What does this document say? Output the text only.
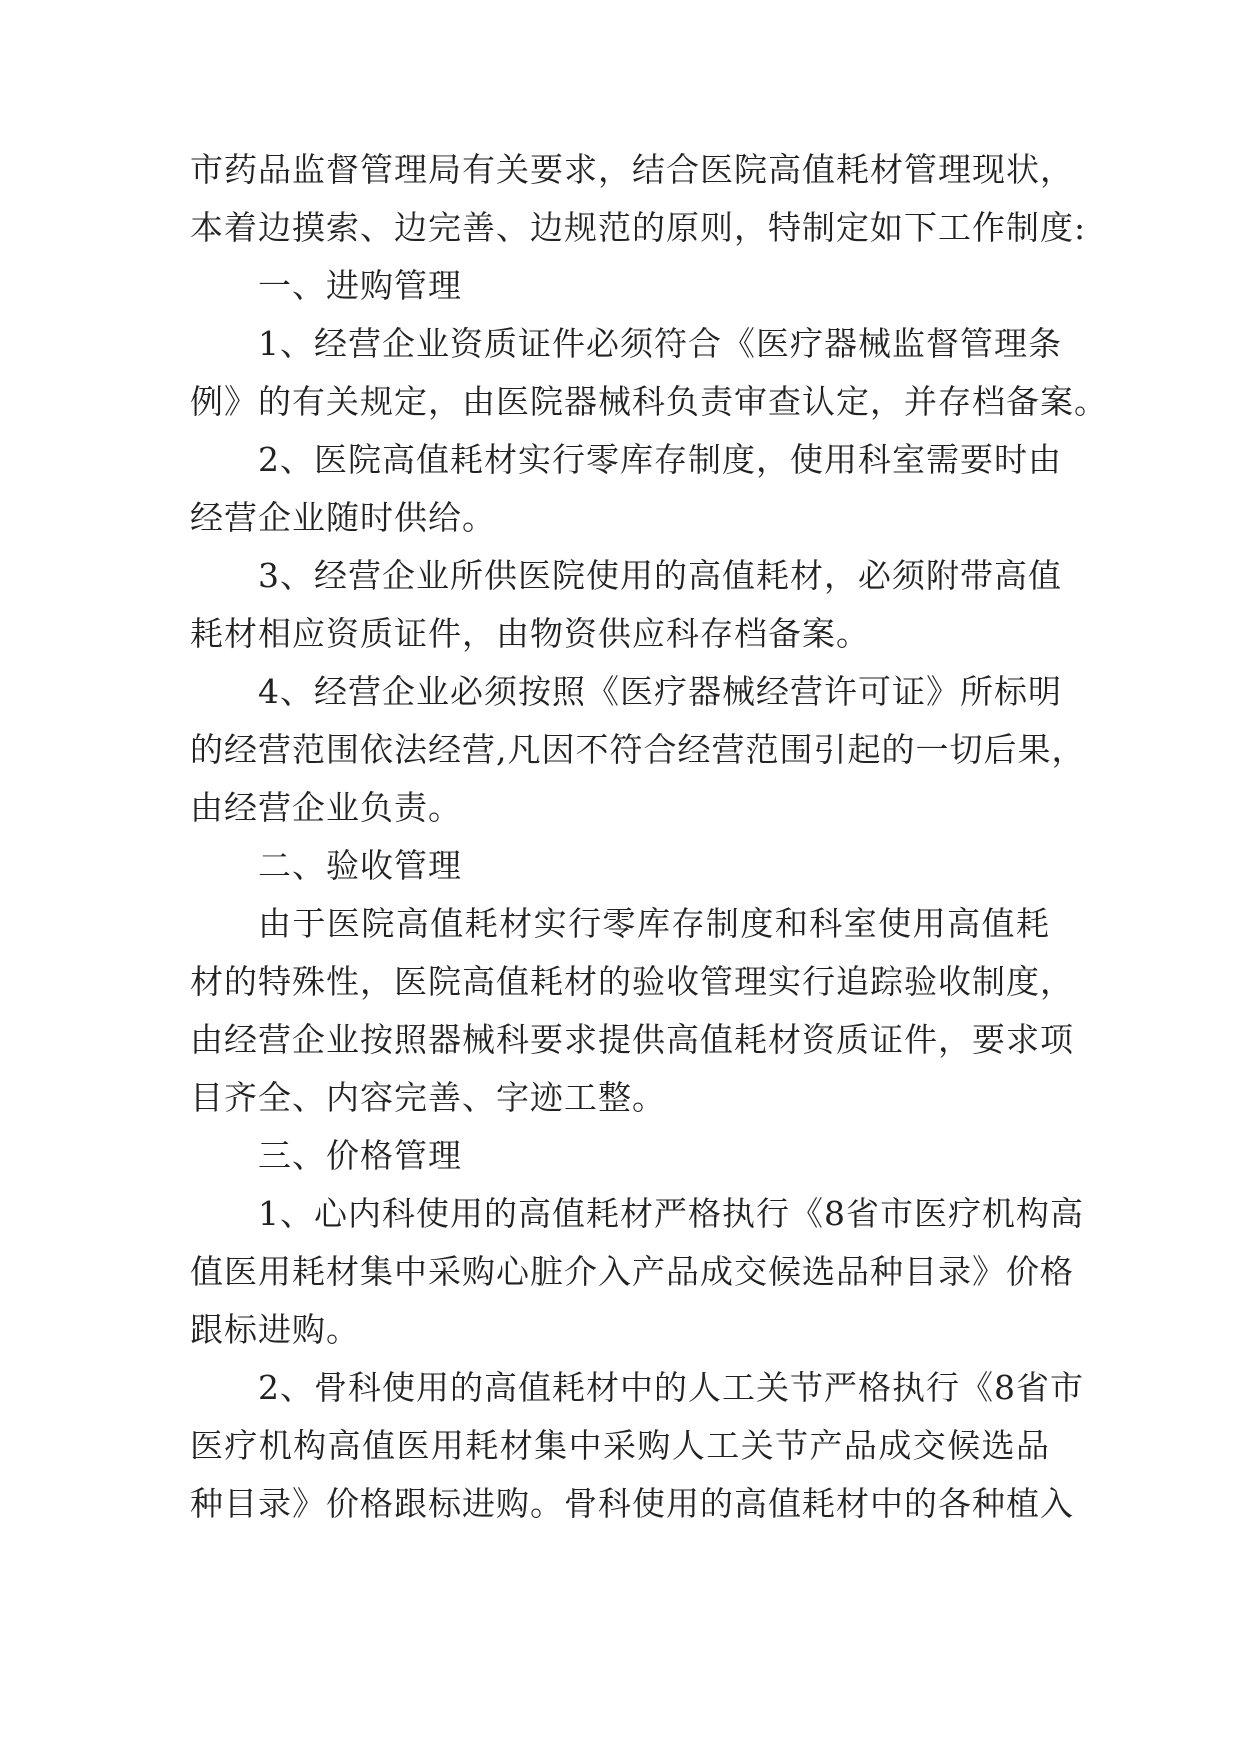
市药品监督管理局有关要求，结合医院高值耗材管理现状，
本着边摸索、边完善、边规范的原则，特制定如下工作制度:
一、进购管理
1、经营企业资质证件必须符合《医疗器械监督管理条
例》的有关规定，由医院器械科负责审查认定，并存档备案。
2、医院高值耗材实行零库存制度，使用科室需要时由
经营企业随时供给。
3、经营企业所供医院使用的高值耗材，必须附带高值
耗材相应资质证件，由物资供应科存档备案。
4、经营企业必须按照《医疗器械经营许可证》所标明
的经营范围依法经营,凡因不符合经营范围引起的一切后果，
由经营企业负责。
二、验收管理
由于医院高值耗材实行零库存制度和科室使用高值耗
材的特殊性，医院高值耗材的验收管理实行追踪验收制度，
由经营企业按照器械科要求提供高值耗材资质证件，要求项
目齐全、内容完善、字迹工整。
三、价格管理
1、心内科使用的高值耗材严格执行《8省市医疗机构高
值医用耗材集中采购心脏介入产品成交候选品种目录》价格
跟标进购。
2、骨科使用的高值耗材中的人工关节严格执行《8省市
医疗机构高值医用耗材集中采购人工关节产品成交候选品
种目录》价格跟标进购。骨科使用的高值耗材中的各种植入
